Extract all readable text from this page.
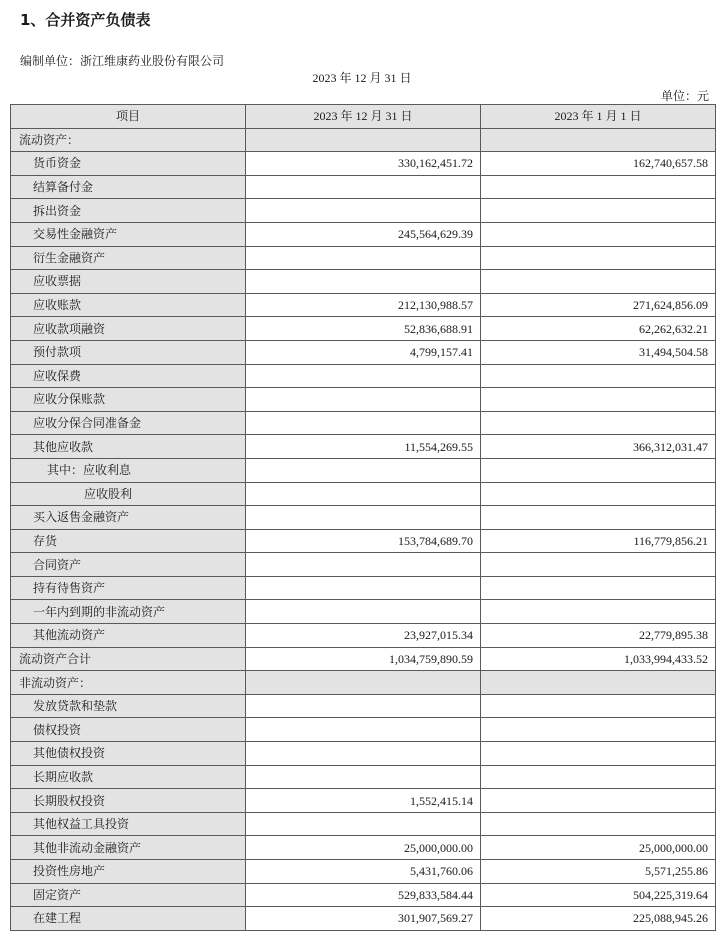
1、合并资产负债表
编制单位：浙江维康药业股份有限公司
2023 年 12 月 31 日
单位：元
项目	2023 年 12 月 31 日	2023 年 1 月 1 日
流动资产：		
货币资金	330,162,451.72	162,740,657.58
结算备付金		
拆出资金		
交易性金融资产	245,564,629.39	
衍生金融资产		
应收票据		
应收账款	212,130,988.57	271,624,856.09
应收款项融资	52,836,688.91	62,262,632.21
预付款项	4,799,157.41	31,494,504.58
应收保费		
应收分保账款		
应收分保合同准备金		
其他应收款	11,554,269.55	366,312,031.47
其中：应收利息		
应收股利		
买入返售金融资产		
存货	153,784,689.70	116,779,856.21
合同资产		
持有待售资产		
一年内到期的非流动资产		
其他流动资产	23,927,015.34	22,779,895.38
流动资产合计	1,034,759,890.59	1,033,994,433.52
非流动资产：		
发放贷款和垫款		
债权投资		
其他债权投资		
长期应收款		
长期股权投资	1,552,415.14	
其他权益工具投资		
其他非流动金融资产	25,000,000.00	25,000,000.00
投资性房地产	5,431,760.06	5,571,255.86
固定资产	529,833,584.44	504,225,319.64
在建工程	301,907,569.27	225,088,945.26
